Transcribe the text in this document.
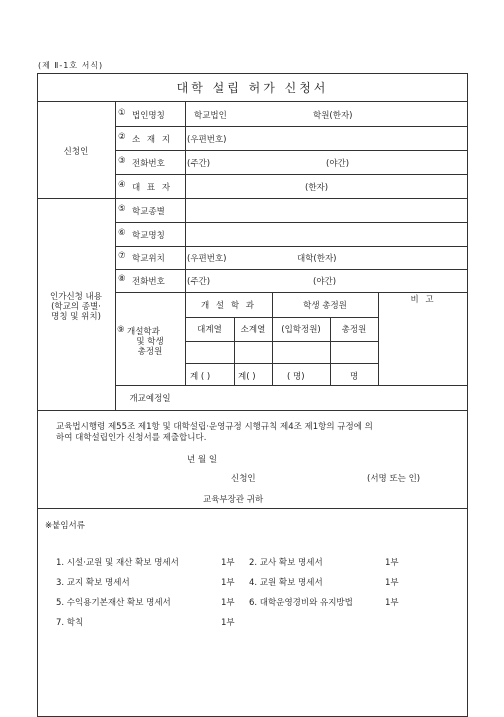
(제 Ⅱ-1호 서식)
대학 설립 허가 신청서
신청인
① 법인명칭	학교법인	학원(한자)
② 소 재 지 (우편번호)
③ 전화번호	(주간)	(야간)
④ 대 표 자	(한자)
인가신청 내용
(학교의 종별·
명칭 및 위치)
⑤ 학교종별
⑥ 학교명칭
⑦ 학교위치	(우편번호)	대학(한자)
⑧ 전화번호	(주간)	(야간)
⑨ 개설학과
및 학생
총정원
개 설 학 과	학생 총정원
비 고
대계열	소계열	(입학정원)	총정원
계 ( )	계( )	( 명)	명
개교예정일
교육법시행령 제55조 제1항 및 대학설립·운영규정 시행규칙 제4조 제1항의 규정에 의
하여 대학설립인가 신청서를 제출합니다.
년 월 일
신청인	(서명 또는 인)
교육부장관 귀하
※붙임서류
1. 시설·교원 및 재산 확보 명세서	1부 2. 교사 확보 명세서	1부
3. 교지 확보 명세서	1부 4. 교원 확보 명세서	1부
5. 수익용기본재산 확보 명세서	1부 6. 대학운영경비와 유지방법	1부
7. 학칙	1부
